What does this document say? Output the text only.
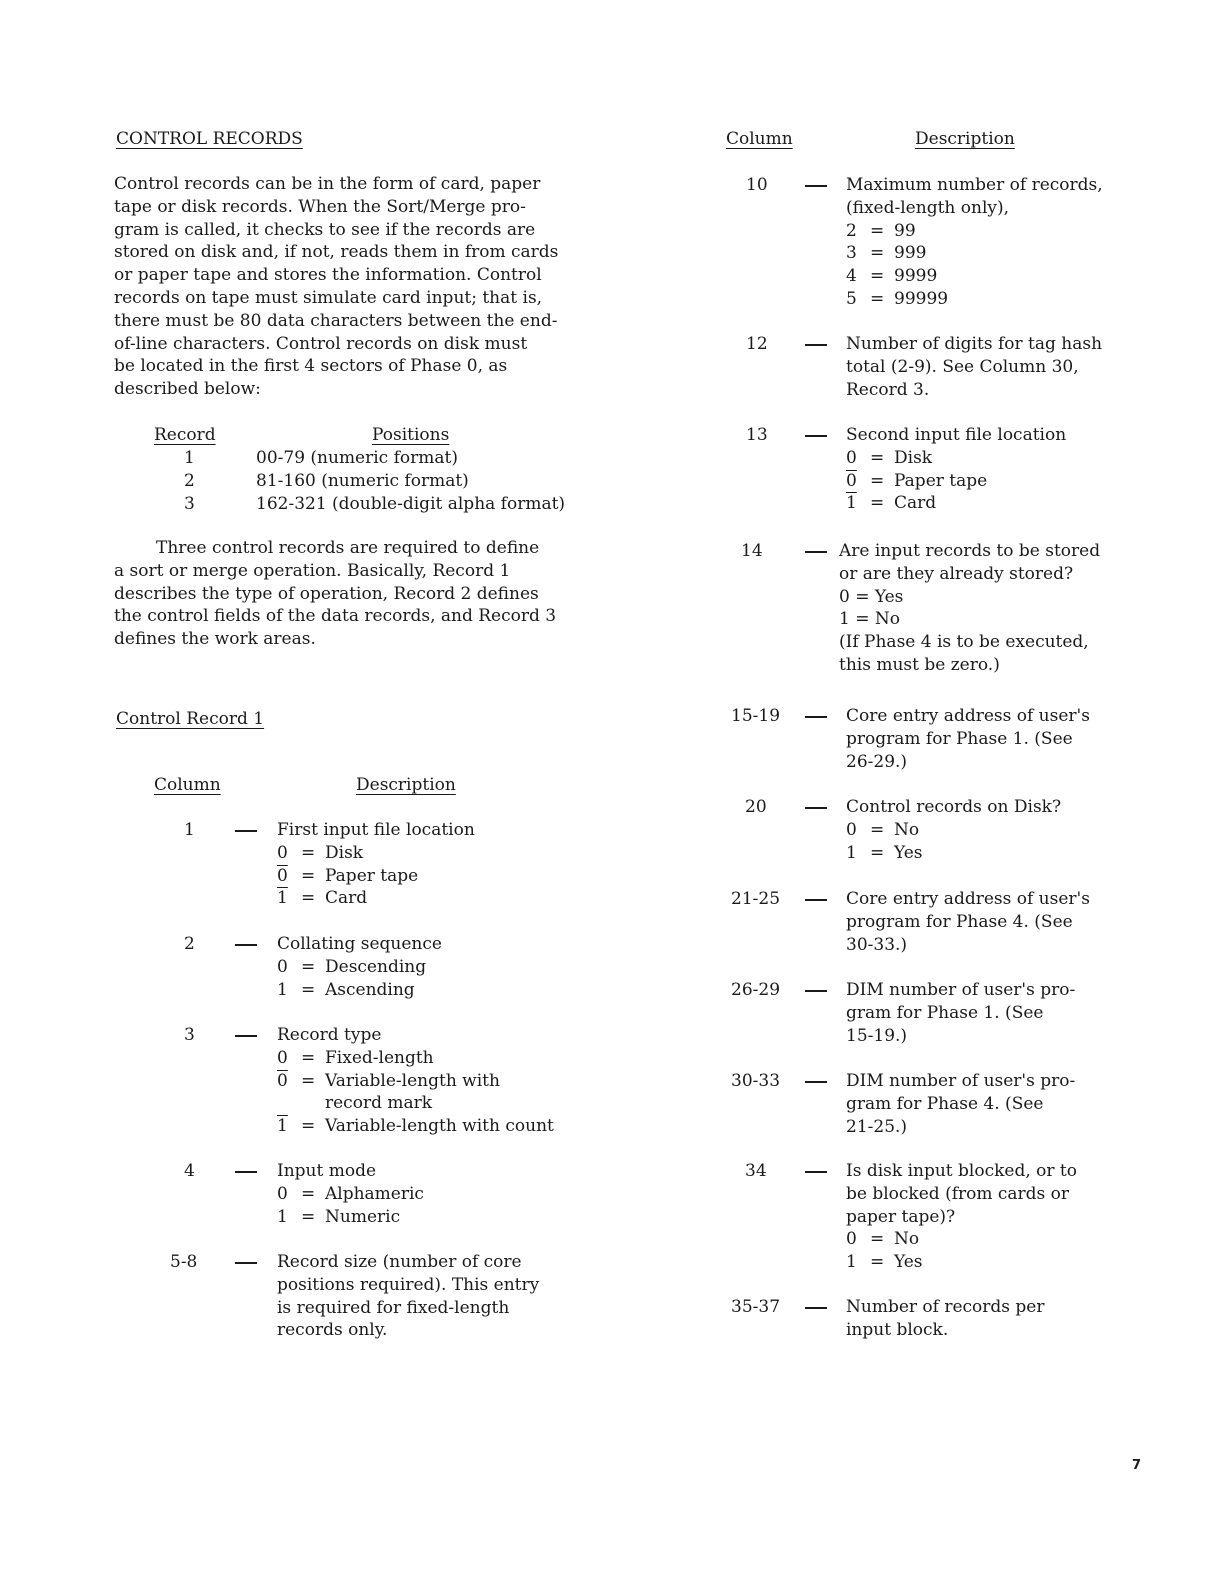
CONTROL RECORDS
Control records can be in the form of card, paper
tape or disk records. When the Sort/Merge pro-
gram is called, it checks to see if the records are
stored on disk and, if not, reads them in from cards
or paper tape and stores the information. Control
records on tape must simulate card input; that is,
there must be 80 data characters between the end-
of-line characters. Control records on disk must
be located in the first 4 sectors of Phase 0, as
described below:
Record	Positions
1	00-79 (numeric format)
2	81-160 (numeric format)
3	162-321 (double-digit alpha format)
Three control records are required to define
a sort or merge operation. Basically, Record 1
describes the type of operation, Record 2 defines
the control fields of the data records, and Record 3
defines the work areas.
Control Record 1
Column	Description
1	First input file location
0 = Disk
0 = Paper tape
1 = Card
2	Collating sequence
0 = Descending
1 = Ascending
3	Record type
0 = Fixed-length
0 = Variable-length with
record mark
1 = Variable-length with count
4	Input mode
0 = Alphameric
1 = Numeric
5-8	Record size (number of core
positions required). This entry
is required for fixed-length
records only.
Column	Description
10	Maximum number of records,
(fixed-length only),
2 = 99
3 = 999
4 = 9999
5 = 99999
12	Number of digits for tag hash
total (2-9). See Column 30,
Record 3.
13	Second input file location
0 = Disk
0 = Paper tape
1 = Card
14	Are input records to be stored
or are they already stored?
0 = Yes
1 = No
(If Phase 4 is to be executed,
this must be zero.)
15-19	Core entry address of user's
program for Phase 1. (See
26-29.)
20	Control records on Disk?
0 = No
1 = Yes
21-25	Core entry address of user's
program for Phase 4. (See
30-33.)
26-29	DIM number of user's pro-
gram for Phase 1. (See
15-19.)
30-33	DIM number of user's pro-
gram for Phase 4. (See
21-25.)
34	Is disk input blocked, or to
be blocked (from cards or
paper tape)?
0 = No
1 = Yes
35-37	Number of records per
input block.
7
